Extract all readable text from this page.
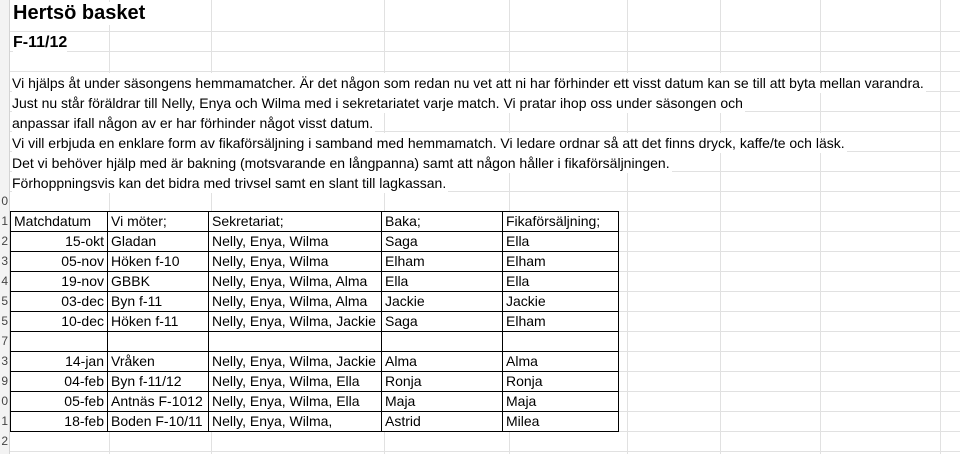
0
1
2
3
4
5
5
7
3
9
0
1
2
Hertsö basket
F-11/12
Vi hjälps åt under säsongens hemmamatcher. Är det någon som redan nu vet att ni har förhinder ett visst datum kan se till att byta mellan varandra.
Just nu står föräldrar till Nelly, Enya och Wilma med i sekretariatet varje match. Vi pratar ihop oss under säsongen och
anpassar ifall någon av er har förhinder något visst datum.
Vi vill erbjuda en enklare form av fikaförsäljning i samband med hemmamatch. Vi ledare ordnar så att det finns dryck, kaffe/te och läsk.
Det vi behöver hjälp med är bakning (motsvarande en långpanna) samt att någon håller i fikaförsäljningen.
Förhoppningsvis kan det bidra med trivsel samt en slant till lagkassan.
Matchdatum	Vi möter;	Sekretariat;	Baka;	Fikaförsäljning;
15-okt	Gladan	Nelly, Enya, Wilma	Saga	Ella
05-nov	Höken f-10	Nelly, Enya, Wilma	Elham	Elham
19-nov	GBBK	Nelly, Enya, Wilma, Alma	Ella	Ella
03-dec	Byn f-11	Nelly, Enya, Wilma, Alma	Jackie	Jackie
10-dec	Höken f-11	Nelly, Enya, Wilma, Jackie	Saga	Elham

14-jan	Vråken	Nelly, Enya, Wilma, Jackie	Alma	Alma
04-feb	Byn f-11/12	Nelly, Enya, Wilma, Ella	Ronja	Ronja
05-feb	Antnäs F-1012	Nelly, Enya, Wilma, Ella	Maja	Maja
18-feb	Boden F-10/11	Nelly, Enya, Wilma,	Astrid	Milea
